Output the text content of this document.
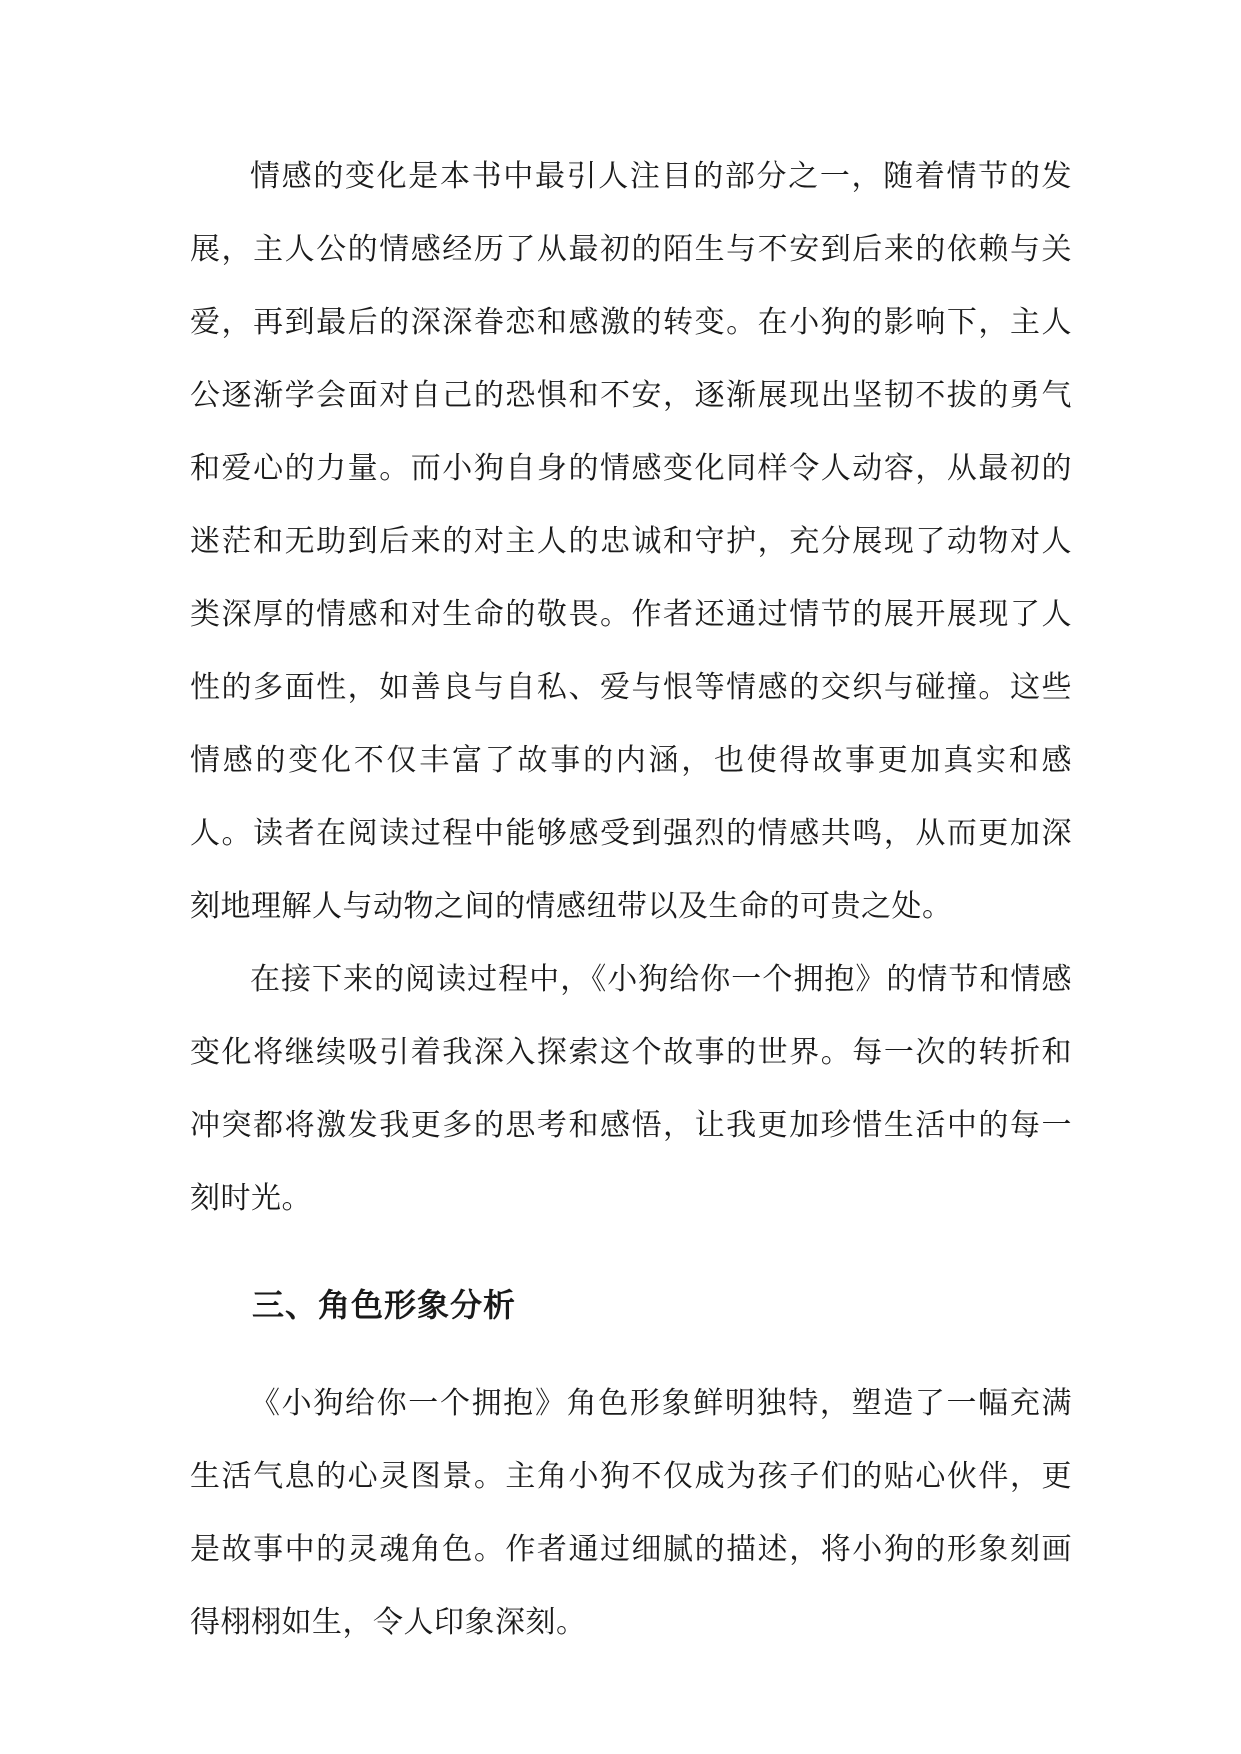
情感的变化是本书中最引人注目的部分之一，随着情节的发展，主人公的情感经历了从最初的陌生与不安到后来的依赖与关爱，再到最后的深深眷恋和感激的转变。在小狗的影响下，主人公逐渐学会面对自己的恐惧和不安，逐渐展现出坚韧不拔的勇气和爱心的力量。而小狗自身的情感变化同样令人动容，从最初的迷茫和无助到后来的对主人的忠诚和守护，充分展现了动物对人类深厚的情感和对生命的敬畏。作者还通过情节的展开展现了人性的多面性，如善良与自私、爱与恨等情感的交织与碰撞。这些情感的变化不仅丰富了故事的内涵，也使得故事更加真实和感人。读者在阅读过程中能够感受到强烈的情感共鸣，从而更加深刻地理解人与动物之间的情感纽带以及生命的可贵之处。

在接下来的阅读过程中，《小狗给你一个拥抱》的情节和情感变化将继续吸引着我深入探索这个故事的世界。每一次的转折和冲突都将激发我更多的思考和感悟，让我更加珍惜生活中的每一刻时光。

三、角色形象分析

《小狗给你一个拥抱》角色形象鲜明独特，塑造了一幅充满生活气息的心灵图景。主角小狗不仅成为孩子们的贴心伙伴，更是故事中的灵魂角色。作者通过细腻的描述，将小狗的形象刻画得栩栩如生，令人印象深刻。
